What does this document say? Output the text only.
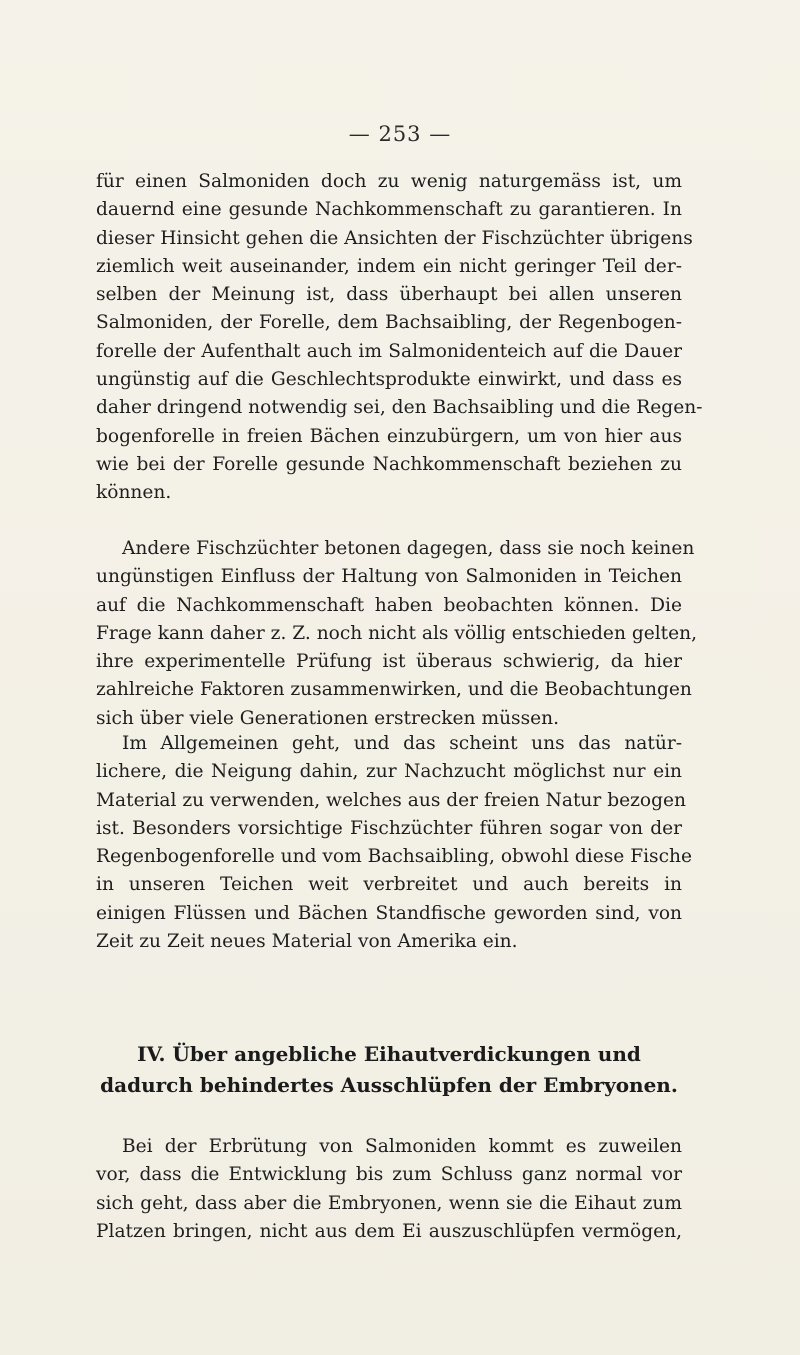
— 253 —
für einen Salmoniden doch zu wenig naturgemäss ist, um
dauernd eine gesunde Nachkommenschaft zu garantieren. In
dieser Hinsicht gehen die Ansichten der Fischzüchter übrigens
ziemlich weit auseinander, indem ein nicht geringer Teil der-
selben der Meinung ist, dass überhaupt bei allen unseren
Salmoniden, der Forelle, dem Bachsaibling, der Regenbogen-
forelle der Aufenthalt auch im Salmonidenteich auf die Dauer
ungünstig auf die Geschlechtsprodukte einwirkt, und dass es
daher dringend notwendig sei, den Bachsaibling und die Regen-
bogenforelle in freien Bächen einzubürgern, um von hier aus
wie bei der Forelle gesunde Nachkommenschaft beziehen zu
können.
Andere Fischzüchter betonen dagegen, dass sie noch keinen
ungünstigen Einfluss der Haltung von Salmoniden in Teichen
auf die Nachkommenschaft haben beobachten können. Die
Frage kann daher z. Z. noch nicht als völlig entschieden gelten,
ihre experimentelle Prüfung ist überaus schwierig, da hier
zahlreiche Faktoren zusammenwirken, und die Beobachtungen
sich über viele Generationen erstrecken müssen.
Im Allgemeinen geht, und das scheint uns das natür-
lichere, die Neigung dahin, zur Nachzucht möglichst nur ein
Material zu verwenden, welches aus der freien Natur bezogen
ist. Besonders vorsichtige Fischzüchter führen sogar von der
Regenbogenforelle und vom Bachsaibling, obwohl diese Fische
in unseren Teichen weit verbreitet und auch bereits in
einigen Flüssen und Bächen Standfische geworden sind, von
Zeit zu Zeit neues Material von Amerika ein.
IV. Über angebliche Eihautverdickungen und
dadurch behindertes Ausschlüpfen der Embryonen.
Bei der Erbrütung von Salmoniden kommt es zuweilen
vor, dass die Entwicklung bis zum Schluss ganz normal vor
sich geht, dass aber die Embryonen, wenn sie die Eihaut zum
Platzen bringen, nicht aus dem Ei auszuschlüpfen vermögen,
